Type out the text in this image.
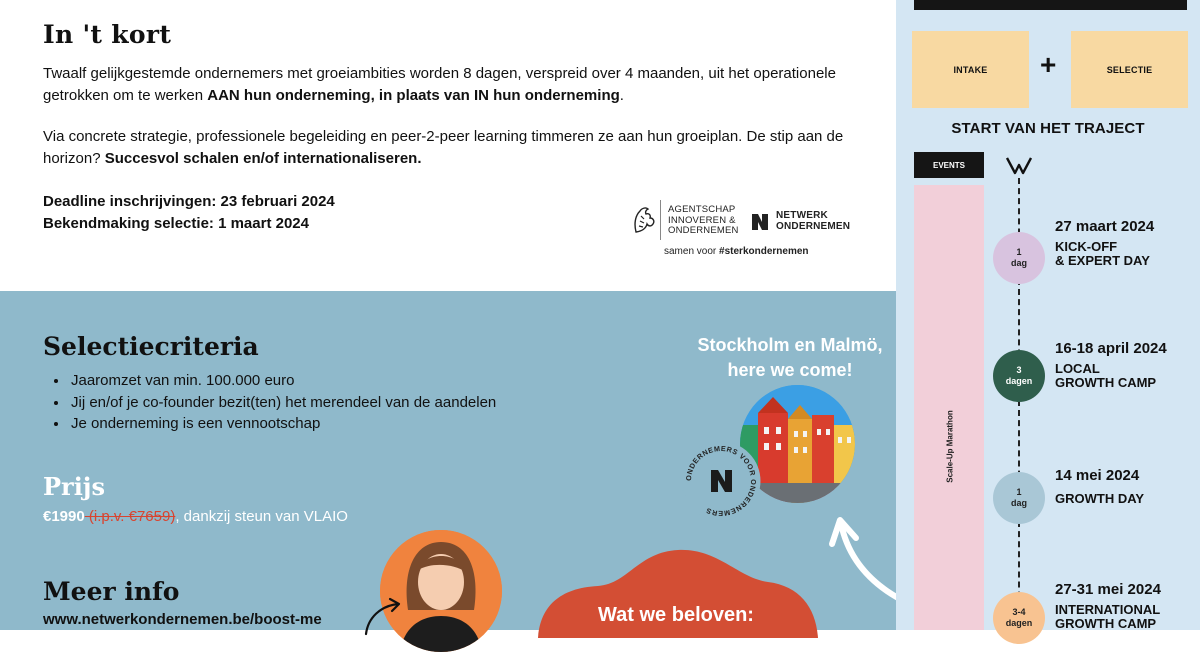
In 't kort
Twaalf gelijkgestemde ondernemers met groeiambities worden 8 dagen, verspreid over 4 maanden, uit het operationele getrokken om te werken AAN hun onderneming, in plaats van IN hun onderneming.
Via concrete strategie, professionele begeleiding en peer-2-peer learning timmeren ze aan hun groeiplan. De stip aan de horizon? Succesvol schalen en/of internationaliseren.
Deadline inschrijvingen: 23 februari 2024
Bekendmaking selectie: 1 maart 2024
AGENTSCHAP
INNOVEREN &
ONDERNEMEN
NETWERK
ONDERNEMEN
samen voor #sterkondernemen
Selectiecriteria
• Jaaromzet van min. 100.000 euro
• Jij en/of je co-founder bezit(ten) het merendeel van de aandelen
• Je onderneming is een vennootschap
Prijs
€1990 (i.p.v. €7659), dankzij steun van VLAIO
Meer info
www.netwerkondernemen.be/boost-me
Stockholm en Malmö,
here we come!
ONDERNEMERS VOOR ONDERNEMERS
Wat we beloven:
INTAKE	+	SELECTIE
START VAN HET TRAJECT
EVENTS
Scale-Up Marathon
1
dag
27 maart 2024
KICK-OFF
& EXPERT DAY
3
dagen
16-18 april 2024
LOCAL
GROWTH CAMP
1
dag
14 mei 2024
GROWTH DAY
3-4
dagen
27-31 mei 2024
INTERNATIONAL
GROWTH CAMP
